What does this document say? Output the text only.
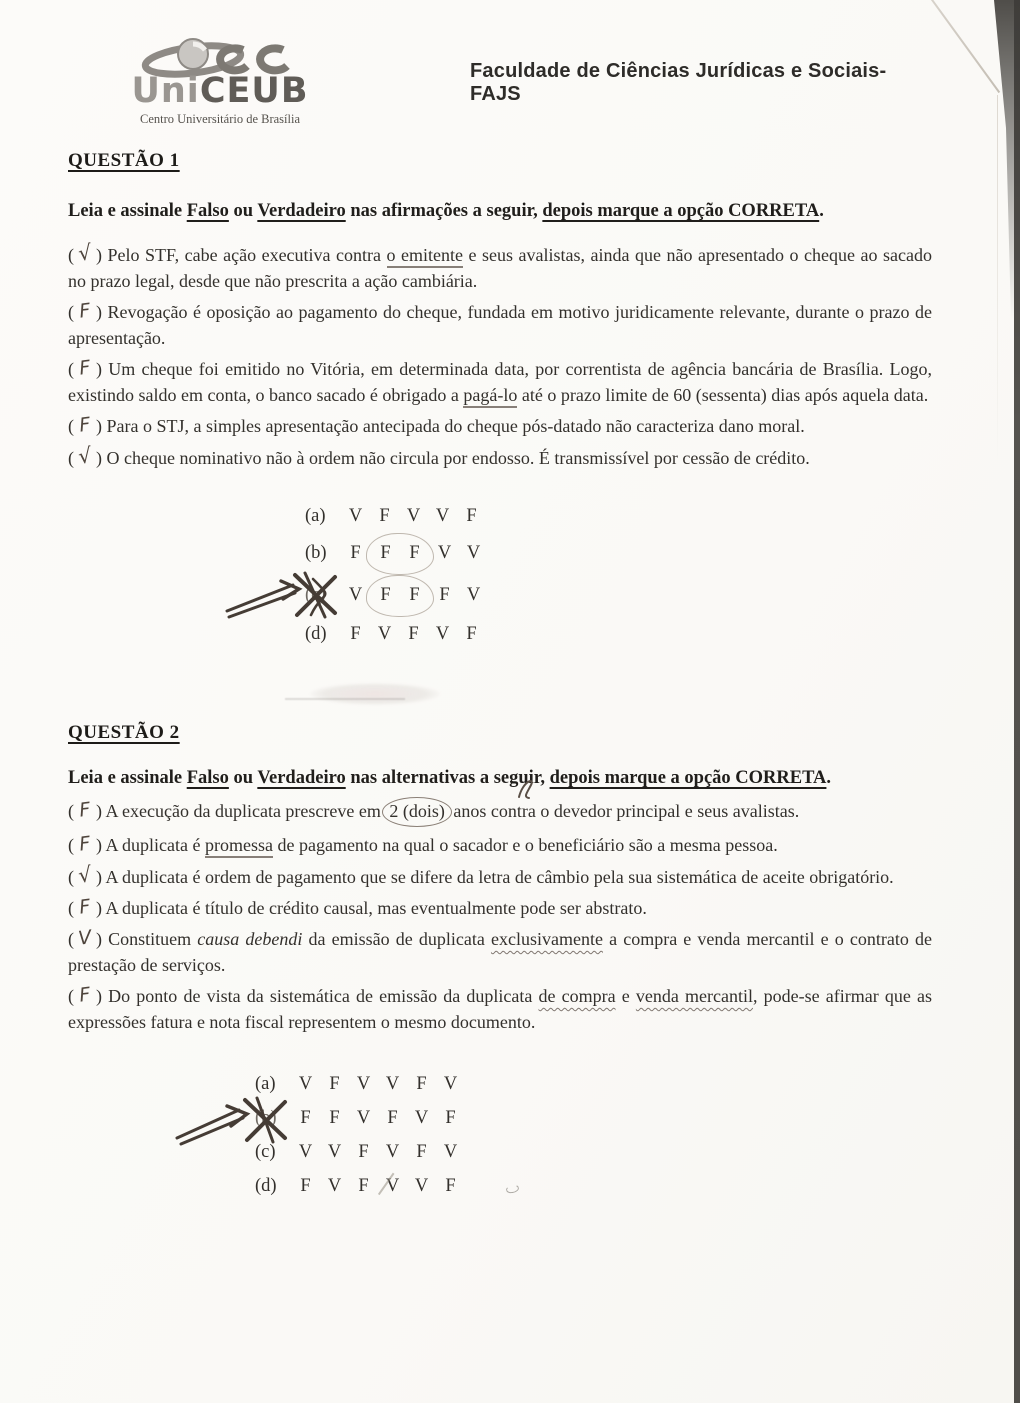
UniCEUB
Centro Universitário de Brasília
Faculdade de Ciências Jurídicas e Sociais- FAJS
QUESTÃO 1

Leia e assinale Falso ou Verdadeiro nas afirmações a seguir, depois marque a opção CORRETA.

( √ ) Pelo STF, cabe ação executiva contra o emitente e seus avalistas, ainda que não apresentado o cheque ao sacado no prazo legal, desde que não prescrita a ação cambiária.

( F ) Revogação é oposição ao pagamento do cheque, fundada em motivo juridicamente relevante, durante o prazo de apresentação.

( F ) Um cheque foi emitido no Vitória, em determinada data, por correntista de agência bancária de Brasília. Logo, existindo saldo em conta, o banco sacado é obrigado a pagá-lo até o prazo limite de 60 (sessenta) dias após aquela data.

( F ) Para o STJ, a simples apresentação antecipada do cheque pós-datado não caracteriza dano moral.

( √ ) O cheque nominativo não à ordem não circula por endosso. É transmissível por cessão de crédito.

(a) V F V V F
(b) F F F V V
(c) V F F F V
(d) F V F V F
QUESTÃO 2

Leia e assinale Falso ou Verdadeiro nas alternativas a seguir, depois marque a opção CORRETA.

( F ) A execução da duplicata prescreve em 2 (dois) anos contra o devedor principal e seus avalistas.

( F ) A duplicata é promessa de pagamento na qual o sacador e o beneficiário são a mesma pessoa.

( √ ) A duplicata é ordem de pagamento que se difere da letra de câmbio pela sua sistemática de aceite obrigatório.

( F ) A duplicata é título de crédito causal, mas eventualmente pode ser abstrato.

( V ) Constituem causa debendi da emissão de duplicata exclusivamente a compra e venda mercantil e o contrato de prestação de serviços.

( F ) Do ponto de vista da sistemática de emissão da duplicata de compra e venda mercantil, pode-se afirmar que as expressões fatura e nota fiscal representem o mesmo documento.

(a) V F V V F V
(b) F F V F V F
(c) V V F V F V
(d) F V F V V F
